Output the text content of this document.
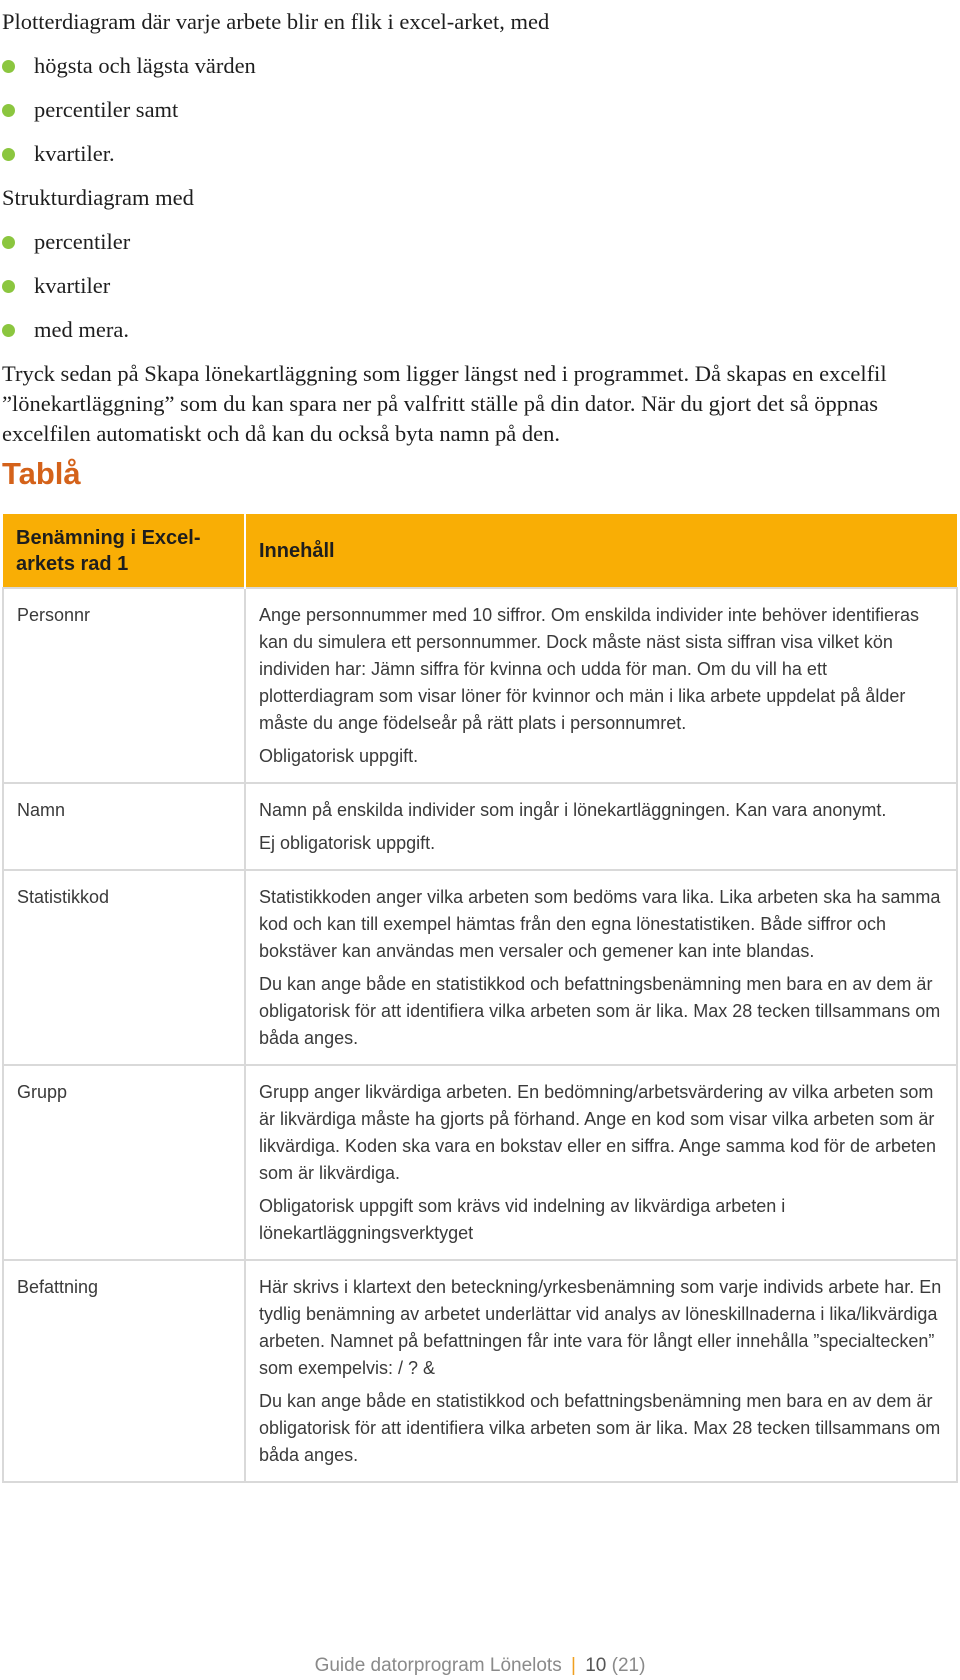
Plotterdiagram där varje arbete blir en flik i excel-arket, med

högsta och lägsta värden
percentiler samt
kvartiler.

Strukturdiagram med

percentiler
kvartiler
med mera.

Tryck sedan på Skapa lönekartläggning som ligger längst ned i programmet. Då skapas en excelfil ”lönekartläggning” som du kan spara ner på valfritt ställe på din dator. När du gjort det så öppnas excelfilen automatiskt och då kan du också byta namn på den.

Tablå
Benämning i Excel-arkets rad 1	Innehåll
Personnr	Ange personnummer med 10 siffror. Om enskilda individer inte behöver identifieras kan du simulera ett personnummer. Dock måste näst sista siffran visa vilket kön individen har: Jämn siffra för kvinna och udda för man. Om du vill ha ett plotterdiagram som visar löner för kvinnor och män i lika arbete uppdelat på ålder måste du ange födelseår på rätt plats i personnumret.

Obligatorisk uppgift.

Namn	Namn på enskilda individer som ingår i lönekartläggningen. Kan vara anonymt.

Ej obligatorisk uppgift.

Statistikkod	Statistikkoden anger vilka arbeten som bedöms vara lika. Lika arbeten ska ha samma kod och kan till exempel hämtas från den egna lönestatistiken. Både siffror och bokstäver kan användas men versaler och gemener kan inte blandas.

Du kan ange både en statistikkod och befattningsbenämning men bara en av dem är obligatorisk för att identifiera vilka arbeten som är lika. Max 28 tecken tillsammans om båda anges.

Grupp	Grupp anger likvärdiga arbeten. En bedömning/arbetsvärdering av vilka arbeten som är likvärdiga måste ha gjorts på förhand. Ange en kod som visar vilka arbeten som är likvärdiga. Koden ska vara en bokstav eller en siffra. Ange samma kod för de arbeten som är likvärdiga.

Obligatorisk uppgift som krävs vid indelning av likvärdiga arbeten i lönekartläggningsverktyget

Befattning	Här skrivs i klartext den beteckning/yrkesbenämning som varje individs arbete har. En tydlig benämning av arbetet underlättar vid analys av löneskillnaderna i lika/likvärdiga arbeten. Namnet på befattningen får inte vara för långt eller innehålla ”specialtecken” som exempelvis: / ? &

Du kan ange både en statistikkod och befattningsbenämning men bara en av dem är obligatorisk för att identifiera vilka arbeten som är lika. Max 28 tecken tillsammans om båda anges.

Guide datorprogram Lönelots | 10 (21)
